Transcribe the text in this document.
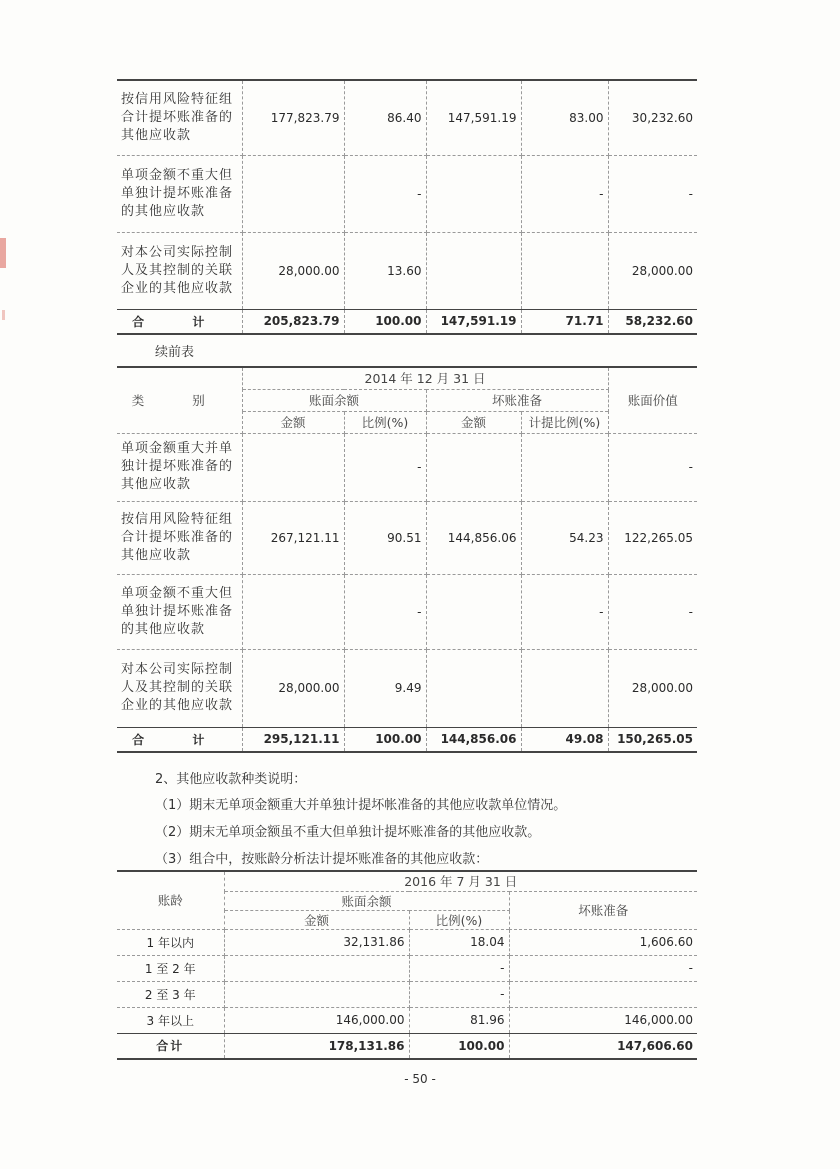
按信用风险特征组合计提坏账准备的其他应收款	177,823.79	86.40	147,591.19	83.00	30,232.60
单项金额不重大但单独计提坏账准备的其他应收款		-		-	-
对本公司实际控制人及其控制的关联企业的其他应收款	28,000.00	13.60			28,000.00
合 计	205,823.79	100.00	147,591.19	71.71	58,232.60
续前表
类 别	2014 年 12 月 31 日				账面价值
	账面余额		坏账准备		
	金额	比例(%)	金额	计提比例(%)	
单项金额重大并单独计提坏账准备的其他应收款		-			-
按信用风险特征组合计提坏账准备的其他应收款	267,121.11	90.51	144,856.06	54.23	122,265.05
单项金额不重大但单独计提坏账准备的其他应收款		-		-	-
对本公司实际控制人及其控制的关联企业的其他应收款	28,000.00	9.49			28,000.00
合 计	295,121.11	100.00	144,856.06	49.08	150,265.05
2、其他应收款种类说明：
（1）期末无单项金额重大并单独计提坏帐准备的其他应收款单位情况。
（2）期末无单项金额虽不重大但单独计提坏账准备的其他应收款。
（3）组合中，按账龄分析法计提坏账准备的其他应收款：
账龄	2016 年 7 月 31 日		
	账面余额		坏账准备
	金额	比例(%)	
1 年以内	32,131.86	18.04	1,606.60
1 至 2 年		-	-
2 至 3 年		-	
3 年以上	146,000.00	81.96	146,000.00
合计	178,131.86	100.00	147,606.60
- 50 -
